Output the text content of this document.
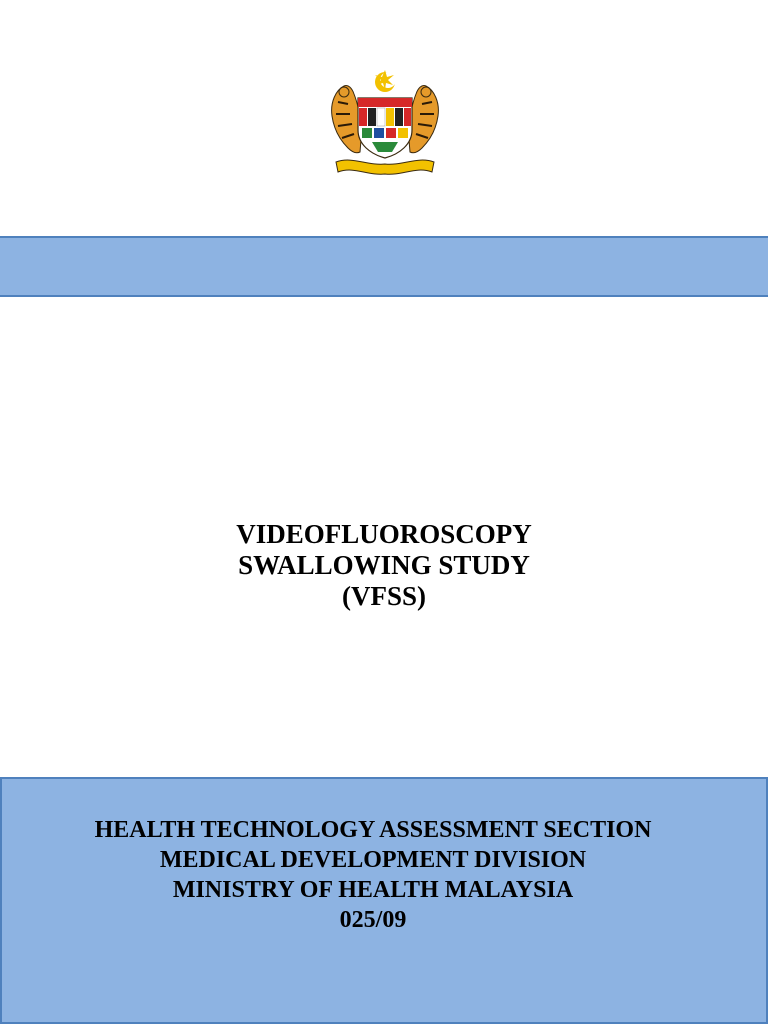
VIDEOFLUOROSCOPY
SWALLOWING STUDY
(VFSS)
HEALTH TECHNOLOGY ASSESSMENT SECTION
MEDICAL DEVELOPMENT DIVISION
MINISTRY OF HEALTH MALAYSIA
025/09
